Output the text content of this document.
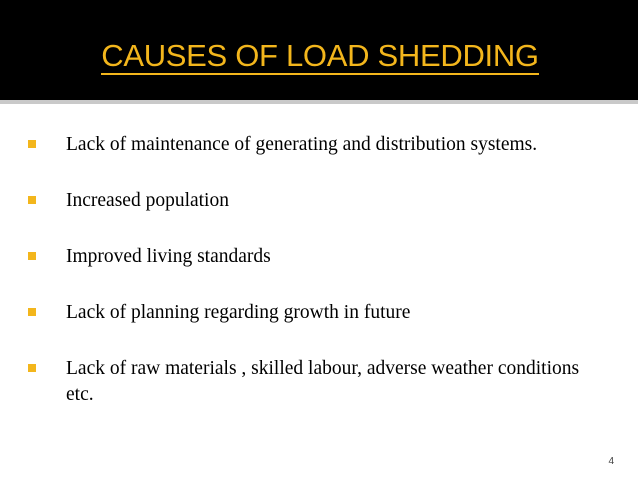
CAUSES OF LOAD SHEDDING
Lack of maintenance of generating and distribution systems.
Increased population
Improved living standards
Lack of planning regarding growth in future
Lack of raw materials , skilled labour, adverse weather conditions etc.
4
